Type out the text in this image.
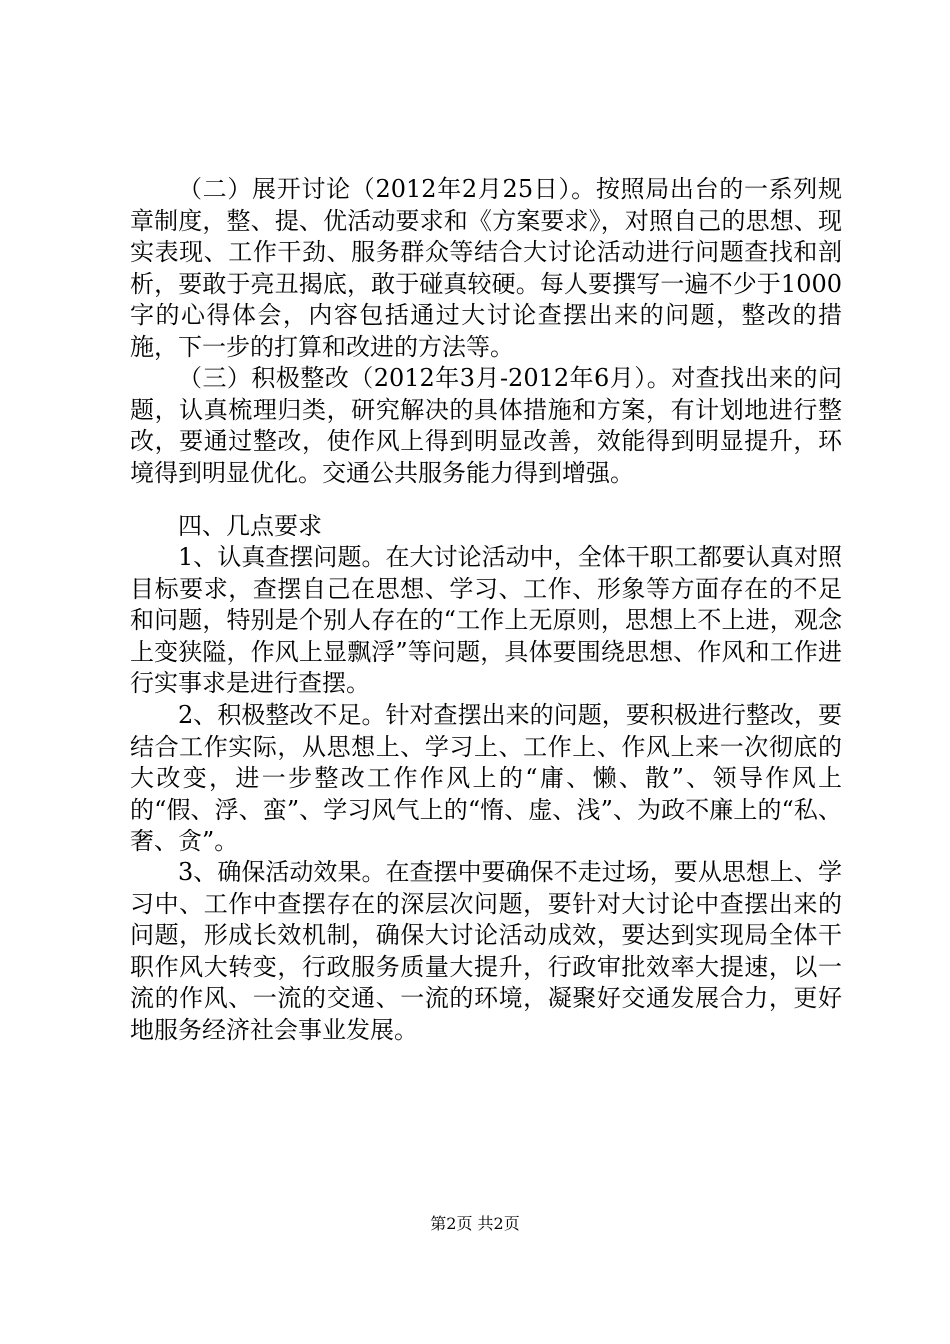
（二）展开讨论（2012年2月25日）。按照局出台的一系列规章制度，整、提、优活动要求和《方案要求》，对照自己的思想、现实表现、工作干劲、服务群众等结合大讨论活动进行问题查找和剖析，要敢于亮丑揭底，敢于碰真较硬。每人要撰写一遍不少于1000字的心得体会，内容包括通过大讨论查摆出来的问题，整改的措施，下一步的打算和改进的方法等。

（三）积极整改（2012年3月-2012年6月）。对查找出来的问题，认真梳理归类，研究解决的具体措施和方案，有计划地进行整改，要通过整改，使作风上得到明显改善，效能得到明显提升，环境得到明显优化。交通公共服务能力得到增强。

四、几点要求

1、认真查摆问题。在大讨论活动中，全体干职工都要认真对照目标要求，查摆自己在思想、学习、工作、形象等方面存在的不足和问题，特别是个别人存在的“工作上无原则，思想上不上进，观念上变狭隘，作风上显飘浮”等问题，具体要围绕思想、作风和工作进行实事求是进行查摆。

2、积极整改不足。针对查摆出来的问题，要积极进行整改，要结合工作实际，从思想上、学习上、工作上、作风上来一次彻底的大改变，进一步整改工作作风上的“庸、懒、散”、领导作风上的“假、浮、蛮”、学习风气上的“惰、虚、浅”、为政不廉上的“私、奢、贪”。

3、确保活动效果。在查摆中要确保不走过场，要从思想上、学习中、工作中查摆存在的深层次问题，要针对大讨论中查摆出来的问题，形成长效机制，确保大讨论活动成效，要达到实现局全体干职作风大转变，行政服务质量大提升，行政审批效率大提速，以一流的作风、一流的交通、一流的环境，凝聚好交通发展合力，更好地服务经济社会事业发展。

第2页 共2页
